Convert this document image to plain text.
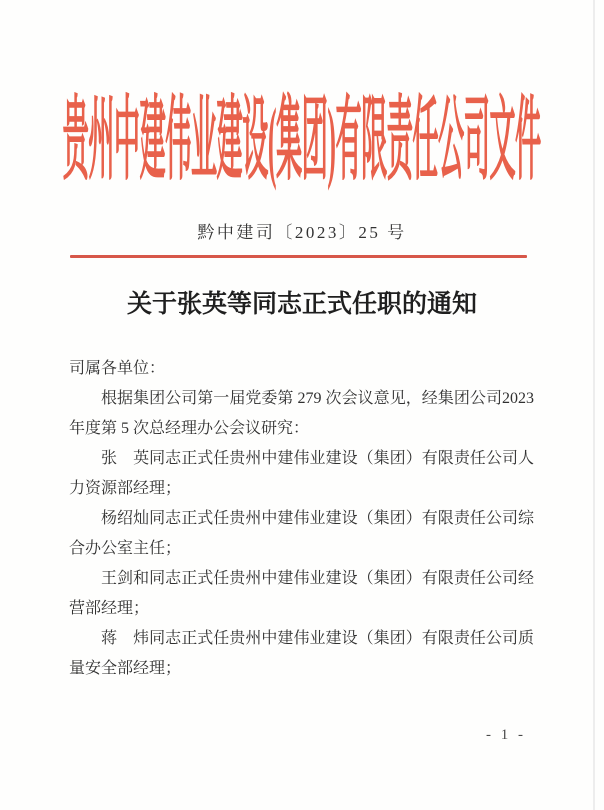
贵州中建伟业建设(集团)有限责任公司文件
黔中建司〔2023〕25 号
关于张英等同志正式任职的通知

司属各单位：

根据集团公司第一届党委第 279 次会议意见，经集团公司2023 年度第 5 次总经理办公会议研究：

张　英同志正式任贵州中建伟业建设（集团）有限责任公司人力资源部经理；

杨绍灿同志正式任贵州中建伟业建设（集团）有限责任公司综合办公室主任；

王剑和同志正式任贵州中建伟业建设（集团）有限责任公司经营部经理；

蒋　炜同志正式任贵州中建伟业建设（集团）有限责任公司质量安全部经理；

- 1 -
